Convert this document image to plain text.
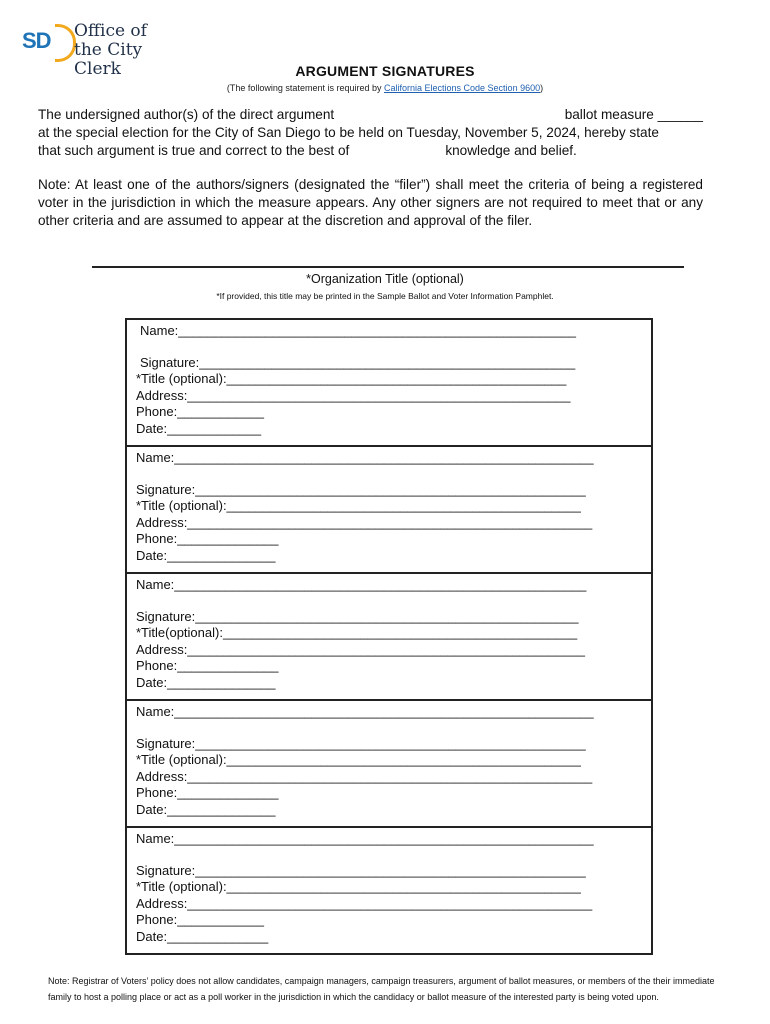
SD Office of
the City Clerk	ARGUMENT SIGNATURES
(The following statement is required by California Elections Code Section 9600)
The undersigned author(s) of the direct argument	ballot measure ______
at the special election for the City of San Diego to be held on Tuesday, November 5, 2024, hereby state
that such argument is true and correct to the best of	knowledge and belief.
Note: At least one of the authors/signers (designated the “filer”) shall meet the criteria of being a registered voter in the jurisdiction in which the measure appears. Any other signers are not required to meet that or any other criteria and are assumed to appear at the discretion and approval of the filer.
*Organization Title (optional)
*If provided, this title may be printed in the Sample Ballot and Voter Information Pamphlet.
Name:_______________________________________________________
Signature:____________________________________________________
*Title (optional):_______________________________________________
Address:_____________________________________________________
Phone:____________
Date:_____________
Name:__________________________________________________________
Signature:______________________________________________________
*Title (optional):_________________________________________________
Address:________________________________________________________
Phone:______________
Date:_______________
Name:_________________________________________________________
Signature:_____________________________________________________
*Title(optional):_________________________________________________
Address:_______________________________________________________
Phone:______________
Date:_______________
Name:__________________________________________________________
Signature:______________________________________________________
*Title (optional):_________________________________________________
Address:________________________________________________________
Phone:______________
Date:_______________
Name:__________________________________________________________
Signature:______________________________________________________
*Title (optional):_________________________________________________
Address:________________________________________________________
Phone:____________
Date:______________
Note: Registrar of Voters’ policy does not allow candidates, campaign managers, campaign treasurers, argument of ballot measures, or members of the their immediate family to host a polling place or act as a poll worker in the jurisdiction in which the candidacy or ballot measure of the interested party is being voted upon.
